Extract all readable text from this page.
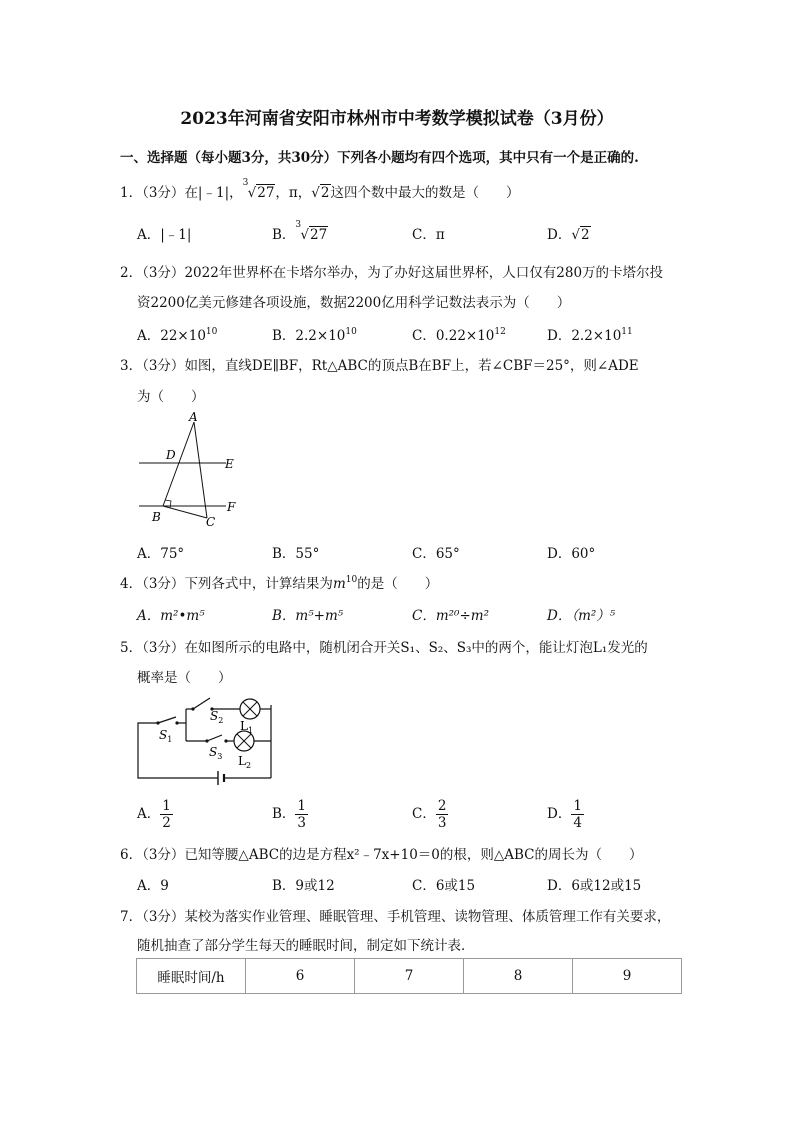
2023年河南省安阳市林州市中考数学模拟试卷（3月份）
一、选择题（每小题3分，共30分）下列各小题均有四个选项，其中只有一个是正确的.
1．（3分）在|﹣1|，
3
√27，π，√2这四个数中最大的数是（　　）
A．|﹣1|	B．
3
√27	C．π	D．√2
2．（3分）2022年世界杯在卡塔尔举办，为了办好这届世界杯，人口仅有280万的卡塔尔投
资2200亿美元修建各项设施，数据2200亿用科学记数法表示为（　　）
A．$22\times 10^{10}$	B．$2.2\times 10^{10}$	C．$0.22\times 10^{12}$	D．$2.2\times 10^{11}$
3．（3分）如图，直线DE∥BF，Rt△ABC的顶点B在BF上，若∠CBF＝25°，则∠ADE
为（　　）
A
D
E
B
F
C
A．75°	B．55°	C．65°	D．60°
4．（3分）下列各式中，计算结果为$m^{10}$的是（　　）
A．m²•m⁵	B．m⁵+m⁵	C．m²⁰÷m²	D．（m²）⁵
5．（3分）在如图所示的电路中，随机闭合开关S₁、S₂、S₃中的两个，能让灯泡L₁发光的
概率是（　　）
$S_1$
$S_2$ $L_1$
$S_3$ $L_2$
A． $\frac{1}{2}$	B． $\frac{1}{3}$	C． $\frac{2}{3}$	D． $\frac{1}{4}$
6．（3分）已知等腰△ABC的边是方程x²﹣7x+10＝0的根，则△ABC的周长为（　　）
A．9	B．9或12	C．6或15	D．6或12或15
7．（3分）某校为落实作业管理、睡眠管理、手机管理、读物管理、体质管理工作有关要求，
随机抽查了部分学生每天的睡眠时间，制定如下统计表．
睡眠时间/h	6	7	8	9
